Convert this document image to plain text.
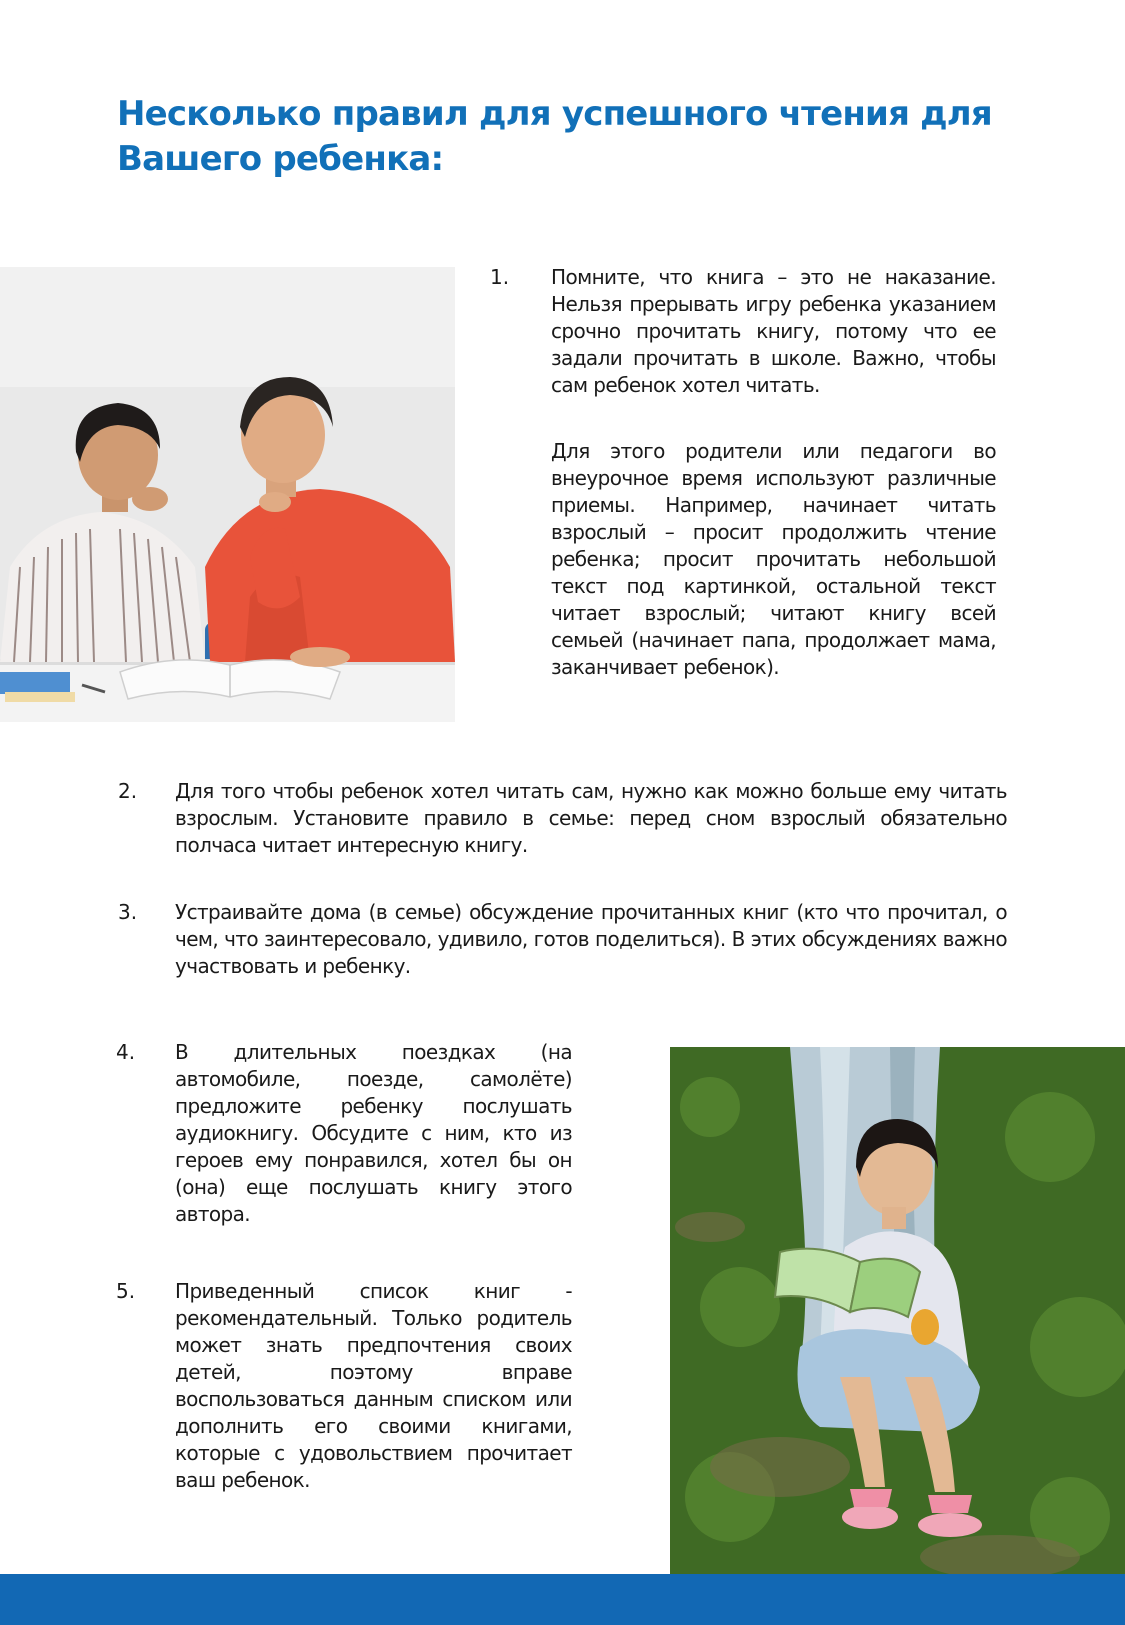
Несколько правил для успешного чтения для
Вашего ребенка:
1.	Помните, что книга – это не наказание. Нельзя прерывать игру ребенка указанием срочно прочитать книгу, потому что ее задали прочитать в школе. Важно, чтобы сам ребенок хотел читать.

Для этого родители или педагоги во внеурочное время используют различные приемы. Например, начинает читать взрослый – просит продолжить чтение ребенка; просит прочитать небольшой текст под картинкой, остальной текст читает взрослый; читают книгу всей семьей (начинает папа, продолжает мама, заканчивает ребенок).

2.	Для того чтобы ребенок хотел читать сам, нужно как можно больше ему читать взрослым. Установите правило в семье: перед сном взрослый обязательно полчаса читает интересную книгу.

3.	Устраивайте дома (в семье) обсуждение прочитанных книг (кто что прочитал, о чем, что заинтересовало, удивило, готов поделиться). В этих обсуждениях важно участвовать и ребенку.

4.	В длительных поездках (на автомобиле, поезде, самолёте) предложите ребенку послушать аудиокнигу. Обсудите с ним, кто из героев ему понравился, хотел бы он (она) еще послушать книгу этого автора.

5.	Приведенный список книг - рекомендательный. Только родитель может знать предпочтения своих детей, поэтому вправе воспользоваться данным списком или дополнить его своими книгами, которые с удовольствием прочитает ваш ребенок.
